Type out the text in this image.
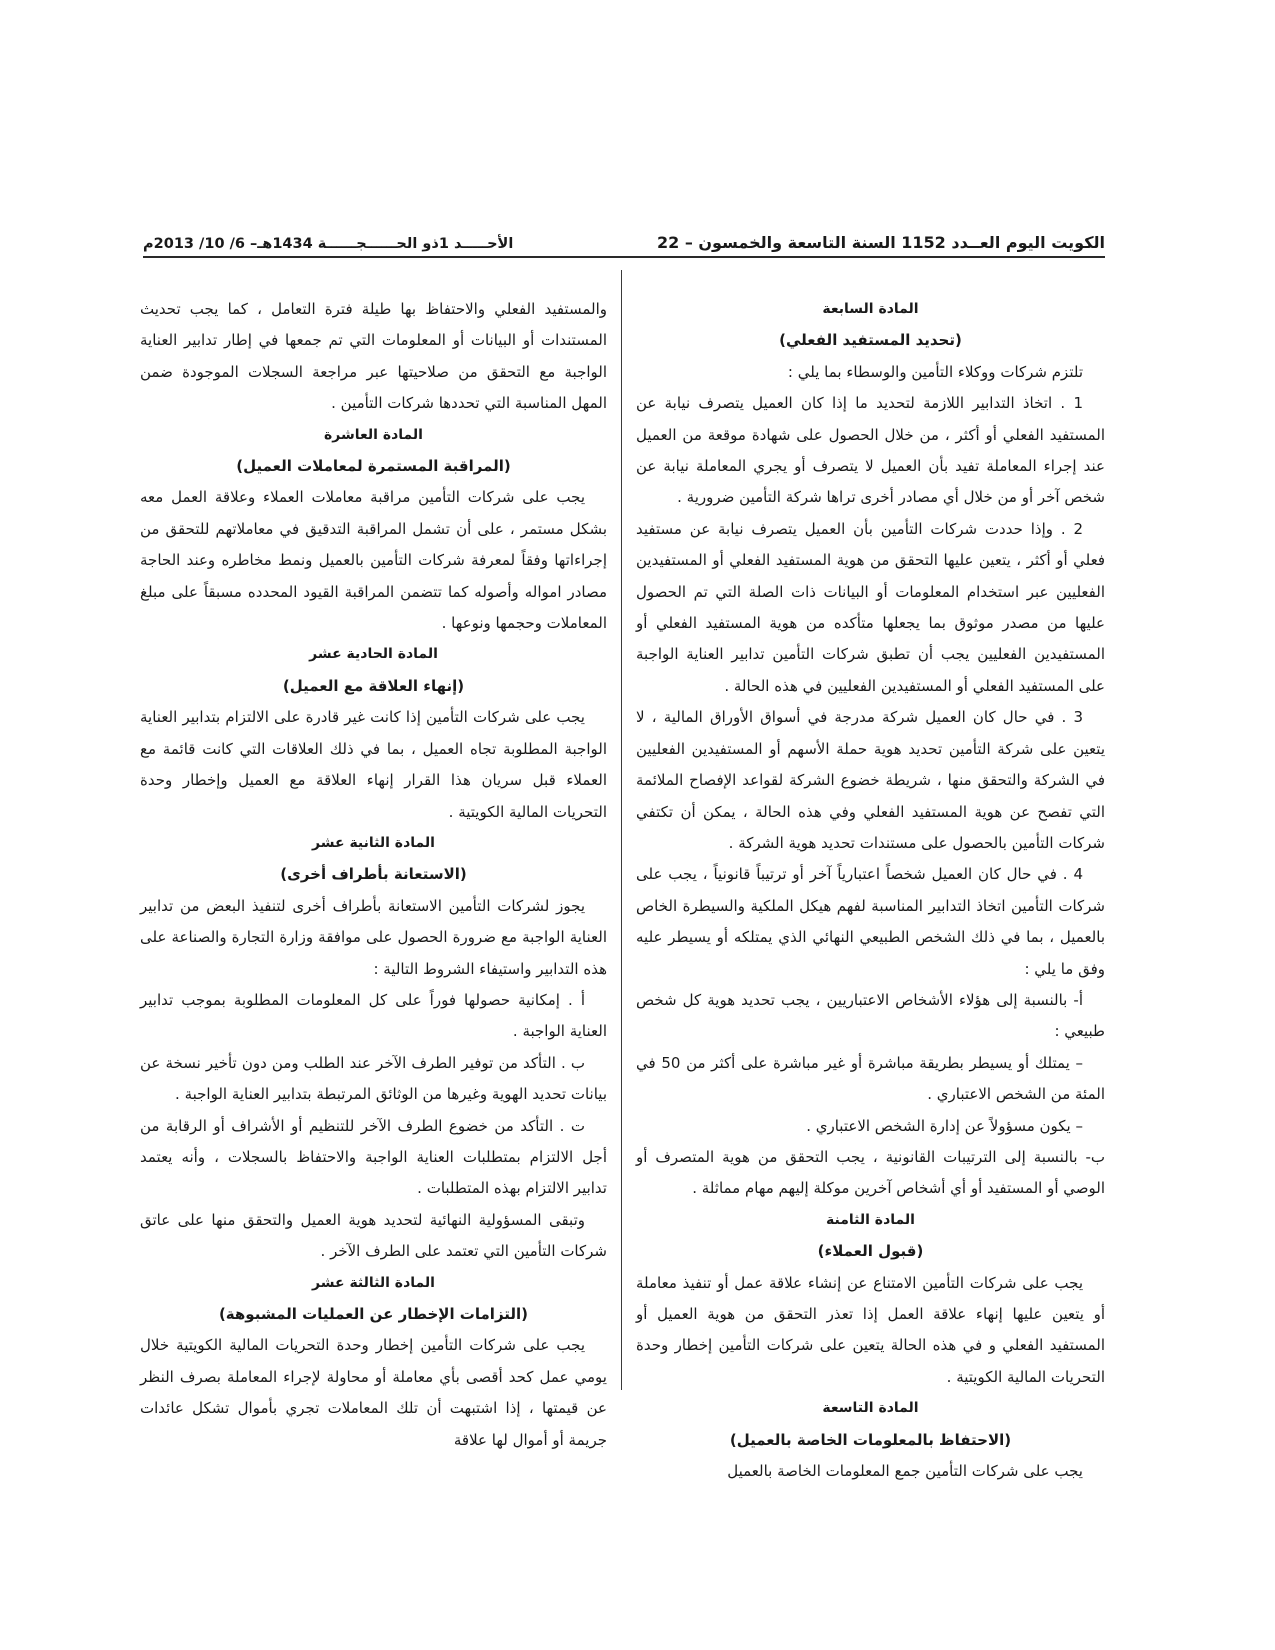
الكويت اليوم العــدد 1152 السنة التاسعة والخمسون – 22
الأحـــــد 1ذو الحــــــجــــــة 1434هـ– 6/ 10/ 2013م

المادة السابعة

(تحديد المستفيد الفعلي)

تلتزم شركات ووكلاء التأمين والوسطاء بما يلي :

1 . اتخاذ التدابير اللازمة لتحديد ما إذا كان العميل يتصرف نيابة عن المستفيد الفعلي أو أكثر ، من خلال الحصول على شهادة موقعة من العميل عند إجراء المعاملة تفيد بأن العميل لا يتصرف أو يجري المعاملة نيابة عن شخص آخر أو من خلال أي مصادر أخرى تراها شركة التأمين ضرورية .

2 . وإذا حددت شركات التأمين بأن العميل يتصرف نيابة عن مستفيد فعلي أو أكثر ، يتعين عليها التحقق من هوية المستفيد الفعلي أو المستفيدين الفعليين عبر استخدام المعلومات أو البيانات ذات الصلة التي تم الحصول عليها من مصدر موثوق بما يجعلها متأكده من هوية المستفيد الفعلي أو المستفيدين الفعليين يجب أن تطبق شركات التأمين تدابير العناية الواجبة على المستفيد الفعلي أو المستفيدين الفعليين في هذه الحالة .

3 . في حال كان العميل شركة مدرجة في أسواق الأوراق المالية ، لا يتعين على شركة التأمين تحديد هوية حملة الأسهم أو المستفيدين الفعليين في الشركة والتحقق منها ، شريطة خضوع الشركة لقواعد الإفصاح الملائمة التي تفصح عن هوية المستفيد الفعلي وفي هذه الحالة ، يمكن أن تكتفي شركات التأمين بالحصول على مستندات تحديد هوية الشركة .

4 . في حال كان العميل شخصاً اعتبارياً آخر أو ترتيباً قانونياً ، يجب على شركات التأمين اتخاذ التدابير المناسبة لفهم هيكل الملكية والسيطرة الخاص بالعميل ، بما في ذلك الشخص الطبيعي النهائي الذي يمتلكه أو يسيطر عليه وفق ما يلي :

أ- بالنسبة إلى هؤلاء الأشخاص الاعتباريين ، يجب تحديد هوية كل شخص طبيعي :

– يمتلك أو يسيطر بطريقة مباشرة أو غير مباشرة على أكثر من 50 في المئة من الشخص الاعتباري .

– يكون مسؤولاً عن إدارة الشخص الاعتباري .

ب- بالنسبة إلى الترتيبات القانونية ، يجب التحقق من هوية المتصرف أو الوصي أو المستفيد أو أي أشخاص آخرين موكلة إليهم مهام مماثلة .

المادة الثامنة

(قبول العملاء)

يجب على شركات التأمين الامتناع عن إنشاء علاقة عمل أو تنفيذ معاملة أو يتعين عليها إنهاء علاقة العمل إذا تعذر التحقق من هوية العميل أو المستفيد الفعلي و في هذه الحالة يتعين على شركات التأمين إخطار وحدة التحريات المالية الكويتية .

المادة التاسعة

(الاحتفاظ بالمعلومات الخاصة بالعميل)

يجب على شركات التأمين جمع المعلومات الخاصة بالعميل

والمستفيد الفعلي والاحتفاظ بها طيلة فترة التعامل ، كما يجب تحديث المستندات أو البيانات أو المعلومات التي تم جمعها في إطار تدابير العناية الواجبة مع التحقق من صلاحيتها عبر مراجعة السجلات الموجودة ضمن المهل المناسبة التي تحددها شركات التأمين .

المادة العاشرة

(المراقبة المستمرة لمعاملات العميل)

يجب على شركات التأمين مراقبة معاملات العملاء وعلاقة العمل معه بشكل مستمر ، على أن تشمل المراقبة التدقيق في معاملاتهم للتحقق من إجراءاتها وفقاً لمعرفة شركات التأمين بالعميل ونمط مخاطره وعند الحاجة مصادر امواله وأصوله كما تتضمن المراقبة القيود المحدده مسبقاً على مبلغ المعاملات وحجمها ونوعها .

المادة الحادية عشر

(إنهاء العلاقة مع العميل)

يجب على شركات التأمين إذا كانت غير قادرة على الالتزام بتدابير العناية الواجبة المطلوبة تجاه العميل ، بما في ذلك العلاقات التي كانت قائمة مع العملاء قبل سريان هذا القرار إنهاء العلاقة مع العميل وإخطار وحدة التحريات المالية الكويتية .

المادة الثانية عشر

(الاستعانة بأطراف أخرى)

يجوز لشركات التأمين الاستعانة بأطراف أخرى لتنفيذ البعض من تدابير العناية الواجبة مع ضرورة الحصول على موافقة وزارة التجارة والصناعة على هذه التدابير واستيفاء الشروط التالية :

أ . إمكانية حصولها فوراً على كل المعلومات المطلوبة بموجب تدابير العناية الواجبة .

ب . التأكد من توفير الطرف الآخر عند الطلب ومن دون تأخير نسخة عن بيانات تحديد الهوية وغيرها من الوثائق المرتبطة بتدابير العناية الواجبة .

ت . التأكد من خضوع الطرف الآخر للتنظيم أو الأشراف أو الرقابة من أجل الالتزام بمتطلبات العناية الواجبة والاحتفاظ بالسجلات ، وأنه يعتمد تدابير الالتزام بهذه المتطلبات .

وتبقى المسؤولية النهائية لتحديد هوية العميل والتحقق منها على عاتق شركات التأمين التي تعتمد على الطرف الآخر .

المادة الثالثة عشر

(التزامات الإخطار عن العمليات المشبوهة)

يجب على شركات التأمين إخطار وحدة التحريات المالية الكويتية خلال يومي عمل كحد أقصى بأي معاملة أو محاولة لإجراء المعاملة بصرف النظر عن قيمتها ، إذا اشتبهت أن تلك المعاملات تجري بأموال تشكل عائدات جريمة أو أموال لها علاقة
